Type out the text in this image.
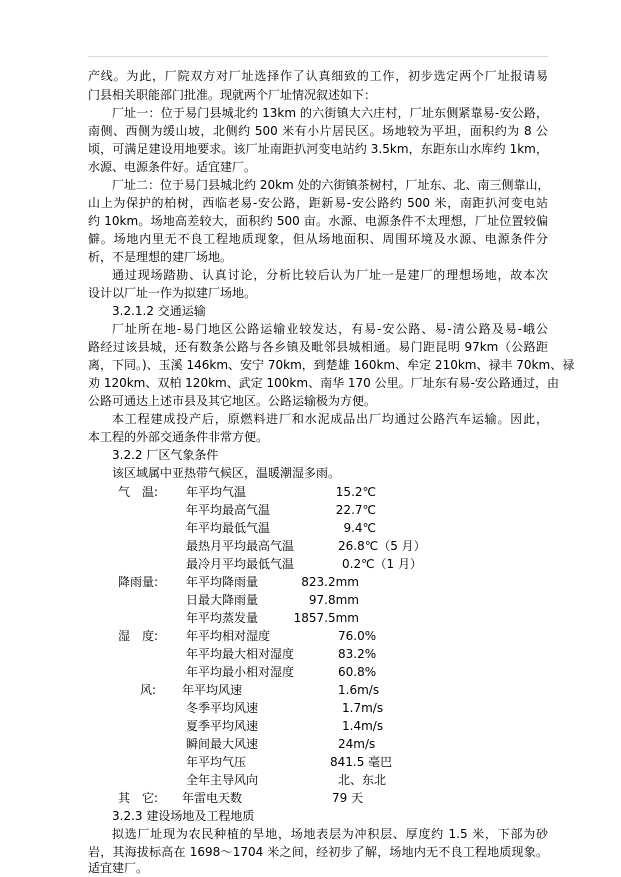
产线。为此，厂院双方对厂址选择作了认真细致的工作，初步选定两个厂址报请易
门县相关职能部门批准。现就两个厂址情况叙述如下：
厂址一：位于易门县城北约 13km 的六街镇大六庄村，厂址东侧紧靠易-安公路，
南侧、西侧为缓山坡，北侧约 500 米有小片居民区。场地较为平坦，面积约为 8 公
顷，可满足建设用地要求。该厂址南距扒河变电站约 3.5km，东距东山水库约 1km，
水源、电源条件好。适宜建厂。
厂址二：位于易门县城北约 20km 处的六街镇茶树村，厂址东、北、南三侧靠山，
山上为保护的柏树，西临老易-安公路，距新易-安公路约 500 米，南距扒河变电站
约 10km。场地高差较大，面积约 500 亩。水源、电源条件不太理想，厂址位置较偏
僻。场地内里无不良工程地质现象，但从场地面积、周围环境及水源、电源条件分
析，不是理想的建厂场地。
通过现场踏勘、认真讨论，分析比较后认为厂址一是建厂的理想场地，故本次
设计以厂址一作为拟建厂场地。
3.2.1.2 交通运输
厂址所在地-易门地区公路运输业较发达，有易-安公路、易-清公路及易-峨公
路经过该县城，还有数条公路与各乡镇及毗邻县城相通。易门距昆明 97km（公路距
离，下同。)、玉溪 146km、安宁 70km，到楚雄 160km、牟定 210km、禄丰 70km、禄
劝 120km、双柏 120km、武定 100km、南华 170 公里。厂址东有易-安公路通过，由
公路可通达上述市县及其它地区。公路运输极为方便。
本工程建成投产后，原燃料进厂和水泥成品出厂均通过公路汽车运输。因此，
本工程的外部交通条件非常方便。
3.2.2 厂区气象条件
该区域属中亚热带气候区，温暖潮湿多雨。
气　温: 年平均气温	15.2℃
年平均最高气温	22.7℃
年平均最低气温	9.4℃
最热月平均最高气温	26.8℃（5 月）
最冷月平均最低气温	0.2℃（1 月）
降雨量: 年平均降雨量	823.2mm
日最大降雨量	97.8mm
年平均蒸发量	1857.5mm
湿　度: 年平均相对湿度	76.0%
年平均最大相对湿度	83.2%
年平均最小相对湿度	60.8%
风: 年平均风速	1.6m/s
冬季平均风速	1.7m/s
夏季平均风速	1.4m/s
瞬间最大风速	24m/s
年平均气压	841.5 毫巴
全年主导风向	北、东北
其　它: 年雷电天数	79 天
3.2.3 建设场地及工程地质
拟选厂址现为农民种植的旱地，场地表层为冲积层、厚度约 1.5 米，下部为砂
岩，其海拔标高在 1698～1704 米之间，经初步了解，场地内无不良工程地质现象。
适宜建厂。
